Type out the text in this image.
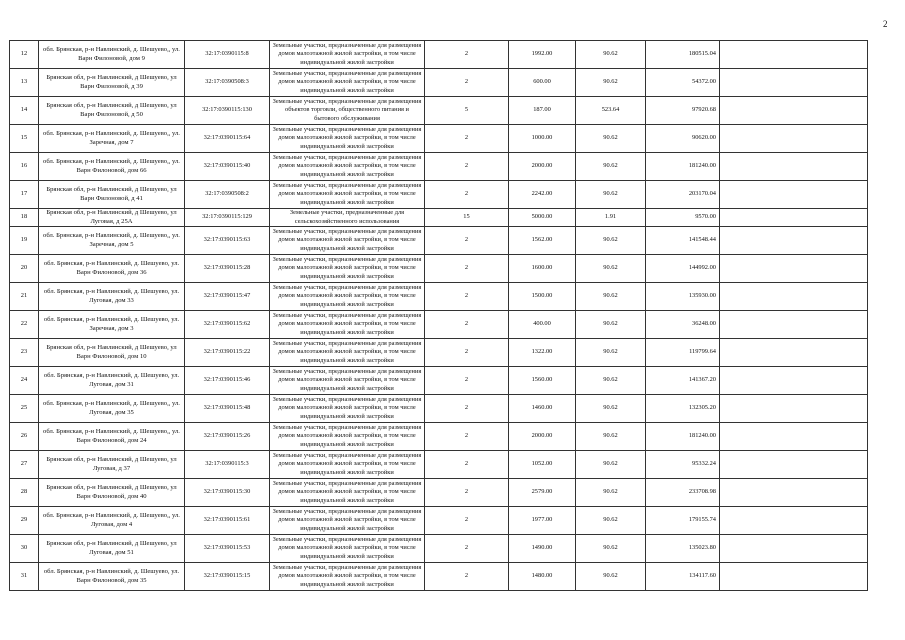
2
12	обл. Брянская, р-н Навлинский, д. Шешуево,, ул. Варн Филоновой, дом 9	32:17:0390115:8	Земельные участки, предназначенные для размещения домов малоэтажной жилой застройки, в том числе индивидуальной жилой застройки	2	1992.00	90.62	180515.04	
13	Брянская обл, р-н Навлинский, д Шешуево, ул Варн Филоновой, д 39	32:17:0390508:3	Земельные участки, предназначенные для размещения домов малоэтажной жилой застройки, в том числе индивидуальной жилой застройки	2	600.00	90.62	54372.00	
14	Брянская обл, р-н Навлинский, д Шешуево, ул Варн Филоновой, д 50	32:17:0390115:130	Земельные участки, предназначенные для размещения объектов торговли, общественного питания и бытового обслуживания	5	187.00	523.64	97920.68	
15	обл. Брянская, р-н Навлинский, д. Шешуево,, ул. Заречная, дом 7	32:17:0390115:64	Земельные участки, предназначенные для размещения домов малоэтажной жилой застройки, в том числе индивидуальной жилой застройки	2	1000.00	90.62	90620.00	
16	обл. Брянская, р-н Навлинский, д. Шешуево,, ул. Варн Филоновой, дом 66	32:17:0390115:40	Земельные участки, предназначенные для размещения домов малоэтажной жилой застройки, в том числе индивидуальной жилой застройки	2	2000.00	90.62	181240.00	
17	Брянская обл, р-н Навлинский, д Шешуево, ул Варн Филоновой, д 41	32:17:0390508:2	Земельные участки, предназначенные для размещения домов малоэтажной жилой застройки, в том числе индивидуальной жилой застройки	2	2242.00	90.62	203170.04	
18	Брянская обл, р-н Навлинский, д Шешуево, ул Луговая, д 25А	32:17:0390115:129	Земельные участки, предназначенные для сельскохозяйственного использования	15	5000.00	1.91	9570.00	
19	обл. Брянская, р-н Навлинский, д. Шешуево,, ул. Заречная, дом 5	32:17:0390115:63	Земельные участки, предназначенные для размещения домов малоэтажной жилой застройки, в том числе индивидуальной жилой застройки	2	1562.00	90.62	141548.44	
20	обл. Брянская, р-н Навлинский, д. Шешуево, ул. Варн Филоновой, дом 36	32:17:0390115:28	Земельные участки, предназначенные для размещения домов малоэтажной жилой застройки, в том числе индивидуальной жилой застройки	2	1600.00	90.62	144992.00	
21	обл. Брянская, р-н Навлинский, д. Шешуево, ул. Луговая, дом 33	32:17:0390115:47	Земельные участки, предназначенные для размещения домов малоэтажной жилой застройки, в том числе индивидуальной жилой застройки	2	1500.00	90.62	135930.00	
22	обл. Брянская, р-н Навлинский, д. Шешуево, ул. Заречная, дом 3	32:17:0390115:62	Земельные участки, предназначенные для размещения домов малоэтажной жилой застройки, в том числе индивидуальной жилой застройки	2	400.00	90.62	36248.00	
23	Брянская обл, р-н Навлинский, д Шешуево, ул Варн Филоновой, дом 10	32:17:0390115:22	Земельные участки, предназначенные для размещения домов малоэтажной жилой застройки, в том числе индивидуальной жилой застройки	2	1322.00	90.62	119799.64	
24	обл. Брянская, р-н Навлинский, д. Шешуево, ул. Луговая, дом 31	32:17:0390115:46	Земельные участки, предназначенные для размещения домов малоэтажной жилой застройки, в том числе индивидуальной жилой застройки	2	1560.00	90.62	141367.20	
25	обл. Брянская, р-н Навлинский, д. Шешуево,, ул. Луговая, дом 35	32:17:0390115:48	Земельные участки, предназначенные для размещения домов малоэтажной жилой застройки, в том числе индивидуальной жилой застройки	2	1460.00	90.62	132305.20	
26	обл. Брянская, р-н Навлинский, д. Шешуево,, ул. Варн Филоновой, дом 24	32:17:0390115:26	Земельные участки, предназначенные для размещения домов малоэтажной жилой застройки, в том числе индивидуальной жилой застройки	2	2000.00	90.62	181240.00	
27	Брянская обл, р-н Навлинский, д Шешуево, ул Луговая, д 37	32:17:0390115:3	Земельные участки, предназначенные для размещения домов малоэтажной жилой застройки, в том числе индивидуальной жилой застройки	2	1052.00	90.62	95332.24	
28	Брянская обл, р-н Навлинский, д Шешуево, ул Варн Филоновой, дом 40	32:17:0390115:30	Земельные участки, предназначенные для размещения домов малоэтажной жилой застройки, в том числе индивидуальной жилой застройки	2	2579.00	90.62	233708.98	
29	обл. Брянская, р-н Навлинский, д. Шешуево,, ул. Луговая, дом 4	32:17:0390115:61	Земельные участки, предназначенные для размещения домов малоэтажной жилой застройки, в том числе индивидуальной жилой застройки	2	1977.00	90.62	179155.74	
30	Брянская обл, р-н Навлинский, д Шешуево, ул Луговая, дом 51	32:17:0390115:53	Земельные участки, предназначенные для размещения домов малоэтажной жилой застройки, в том числе индивидуальной жилой застройки	2	1490.00	90.62	135023.80	
31	обл. Брянская, р-н Навлинский, д. Шешуево, ул. Варн Филоновой, дом 35	32:17:0390115:15	Земельные участки, предназначенные для размещения домов малоэтажной жилой застройки, в том числе индивидуальной жилой застройки	2	1480.00	90.62	134117.60	
